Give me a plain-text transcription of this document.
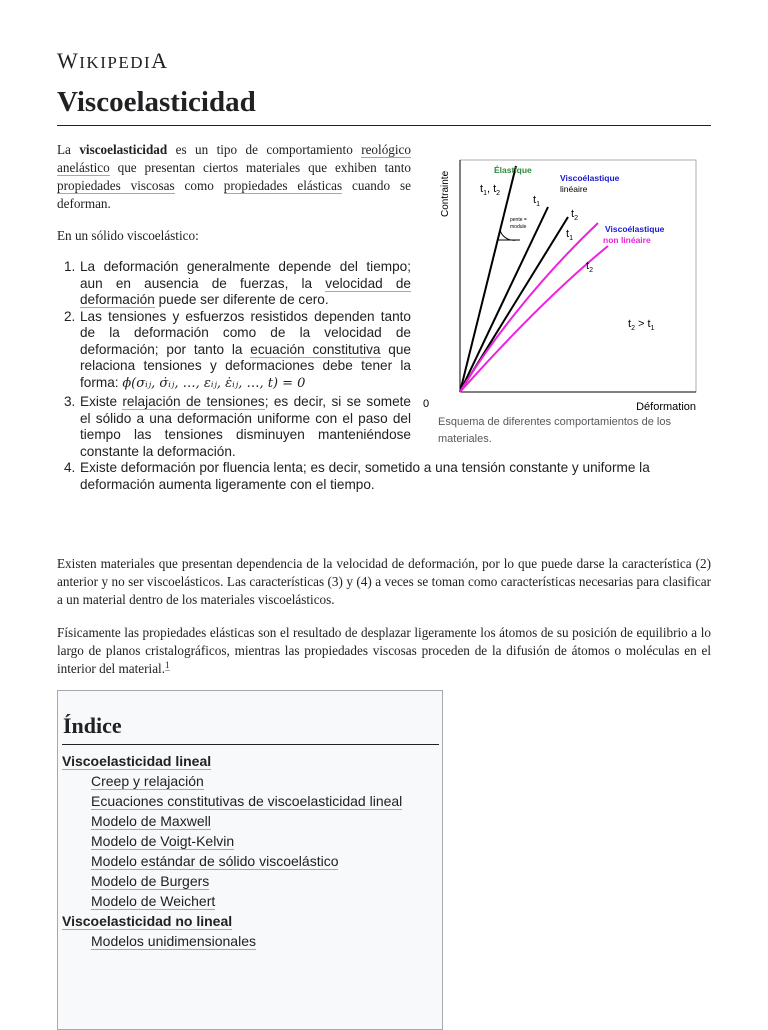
WIKIPEDIA
Viscoelasticidad

La viscoelasticidad es un tipo de comportamiento reológico anelástico que presentan ciertos materiales que exhiben tanto propiedades viscosas como propiedades elásticas cuando se deforman.

En un sólido viscoelástico:

1. La deformación generalmente depende del tiempo; aun en ausencia de fuerzas, la velocidad de deformación puede ser diferente de cero.
2. Las tensiones y esfuerzos resistidos dependen tanto de la deformación como de la velocidad de deformación; por tanto la ecuación constitutiva que relaciona tensiones y deformaciones debe tener la forma: ϕ(σᵢⱼ, σ̇ᵢⱼ, …, εᵢⱼ, ε̇ᵢⱼ, …, t) = 0
3. Existe relajación de tensiones; es decir, si se somete el sólido a una deformación uniforme con el paso del tiempo las tensiones disminuyen manteniéndose constante la deformación.
4. Existe deformación por fluencia lenta; es decir, sometido a una tensión constante y uniforme la deformación aumenta ligeramente con el tiempo.
Contrainte
Déformation
0
Élastique
$t_1$, $t_2$
Viscoélastique
linéaire
$t_1$
$t_2$
pente =
module	Viscoélastique
non linéaire
$t_1$
$t_2$
$t_2 > t_1$
Esquema de diferentes comportamientos de los materiales.

Existen materiales que presentan dependencia de la velocidad de deformación, por lo que puede darse la característica (2) anterior y no ser viscoelásticos. Las características (3) y (4) a veces se toman como características necesarias para clasificar a un material dentro de los materiales viscoelásticos.

Físicamente las propiedades elásticas son el resultado de desplazar ligeramente los átomos de su posición de equilibrio a lo largo de planos cristalográficos, mientras las propiedades viscosas proceden de la difusión de átomos o moléculas en el interior del material.$^1$

Índice
Viscoelasticidad lineal
Creep y relajación
Ecuaciones constitutivas de viscoelasticidad lineal
Modelo de Maxwell
Modelo de Voigt-Kelvin
Modelo estándar de sólido viscoelástico
Modelo de Burgers
Modelo de Weichert
Viscoelasticidad no lineal
Modelos unidimensionales
